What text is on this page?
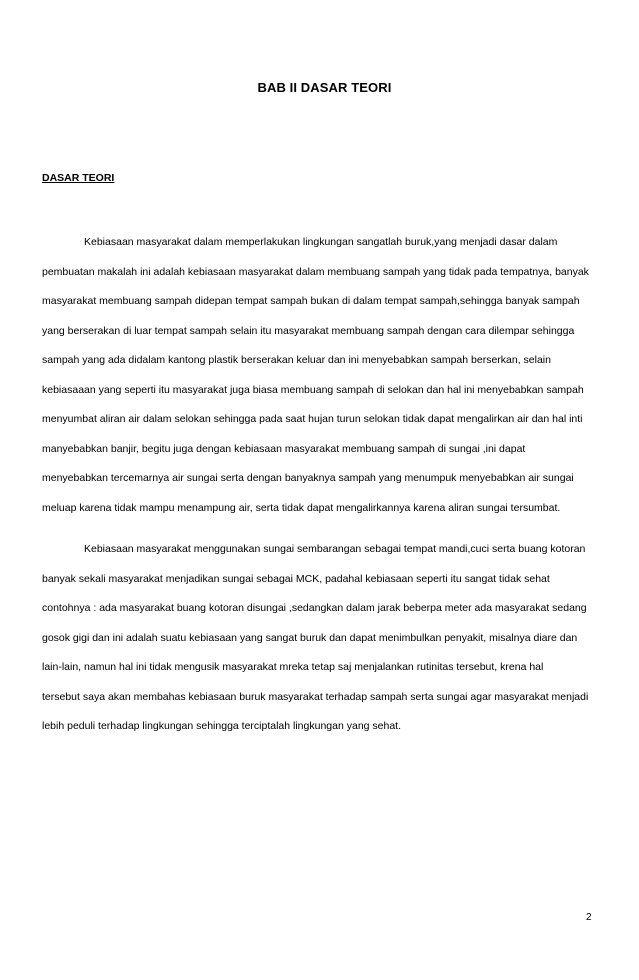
BAB II DASAR TEORI
DASAR TEORI

Kebiasaan masyarakat dalam memperlakukan lingkungan sangatlah buruk,yang menjadi dasar dalam
pembuatan makalah ini adalah kebiasaan masyarakat dalam membuang sampah yang tidak pada tempatnya, banyak
masyarakat membuang sampah didepan tempat sampah bukan di dalam tempat sampah,sehingga banyak sampah
yang berserakan di luar tempat sampah selain itu masyarakat membuang sampah dengan cara dilempar sehingga
sampah yang ada didalam kantong plastik berserakan keluar dan ini menyebabkan sampah berserkan, selain
kebiasaaan yang seperti itu masyarakat juga biasa membuang sampah di selokan dan hal ini menyebabkan sampah
menyumbat aliran air dalam selokan sehingga pada saat hujan turun selokan tidak dapat mengalirkan air dan hal inti
manyebabkan banjir, begitu juga dengan kebiasaan masyarakat membuang sampah di sungai ,ini dapat
menyebabkan tercemarnya air sungai serta dengan banyaknya sampah yang menumpuk menyebabkan air sungai
meluap karena tidak mampu menampung air, serta tidak dapat mengalirkannya karena aliran sungai tersumbat.

Kebiasaan masyarakat menggunakan sungai sembarangan sebagai tempat mandi,cuci serta buang kotoran
banyak sekali masyarakat menjadikan sungai sebagai MCK, padahal kebiasaan seperti itu sangat tidak sehat
contohnya : ada masyarakat buang kotoran disungai ,sedangkan dalam jarak beberpa meter ada masyarakat sedang
gosok gigi dan ini adalah suatu kebiasaan yang sangat buruk dan dapat menimbulkan penyakit, misalnya diare dan
lain-lain, namun hal ini tidak mengusik masyarakat mreka tetap saj menjalankan rutinitas tersebut, krena hal
tersebut saya akan membahas kebiasaan buruk masyarakat terhadap sampah serta sungai agar masyarakat menjadi
lebih peduli terhadap lingkungan sehingga terciptalah lingkungan yang sehat.

2
